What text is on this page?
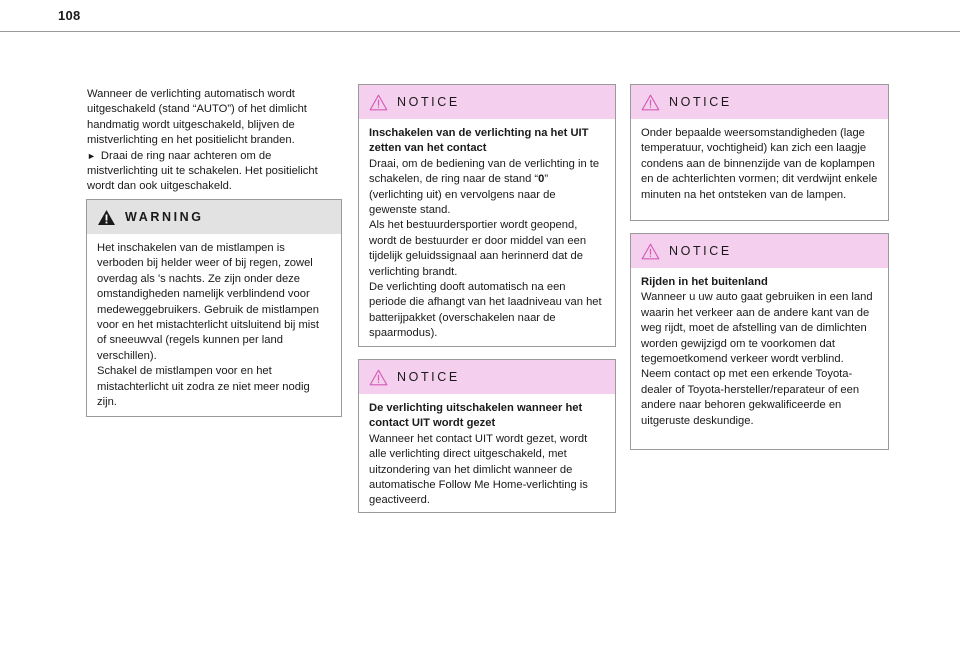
108

Wanneer de verlichting automatisch wordt uitgeschakeld (stand “AUTO”) of het dimlicht handmatig wordt uitgeschakeld, blijven de mistverlichting en het positielicht branden.

► Draai de ring naar achteren om de mistverlichting uit te schakelen. Het positielicht wordt dan ook uitgeschakeld.

WARNING

Het inschakelen van de mistlampen is verboden bij helder weer of bij regen, zowel overdag als 's nachts. Ze zijn onder deze omstandigheden namelijk verblindend voor medeweggebruikers. Gebruik de mistlampen voor en het mistachterlicht uitsluitend bij mist of sneeuwval (regels kunnen per land verschillen).

Schakel de mistlampen voor en het mistachterlicht uit zodra ze niet meer nodig zijn.

NOTICE

Inschakelen van de verlichting na het UIT zetten van het contact

Draai, om de bediening van de verlichting in te schakelen, de ring naar de stand “0” (verlichting uit) en vervolgens naar de gewenste stand.

Als het bestuurdersportier wordt geopend, wordt de bestuurder er door middel van een tijdelijk geluidssignaal aan herinnerd dat de verlichting brandt.

De verlichting dooft automatisch na een periode die afhangt van het laadniveau van het batterijpakket (overschakelen naar de spaarmodus).

NOTICE

De verlichting uitschakelen wanneer het contact UIT wordt gezet

Wanneer het contact UIT wordt gezet, wordt alle verlichting direct uitgeschakeld, met uitzondering van het dimlicht wanneer de automatische Follow Me Home-verlichting is geactiveerd.

NOTICE

Onder bepaalde weersomstandigheden (lage temperatuur, vochtigheid) kan zich een laagje condens aan de binnenzijde van de koplampen en de achterlichten vormen; dit verdwijnt enkele minuten na het ontsteken van de lampen.

NOTICE

Rijden in het buitenland

Wanneer u uw auto gaat gebruiken in een land waarin het verkeer aan de andere kant van de weg rijdt, moet de afstelling van de dimlichten worden gewijzigd om te voorkomen dat tegemoetkomend verkeer wordt verblind.

Neem contact op met een erkende Toyota-dealer of Toyota-hersteller/reparateur of een andere naar behoren gekwalificeerde en uitgeruste deskundige.
